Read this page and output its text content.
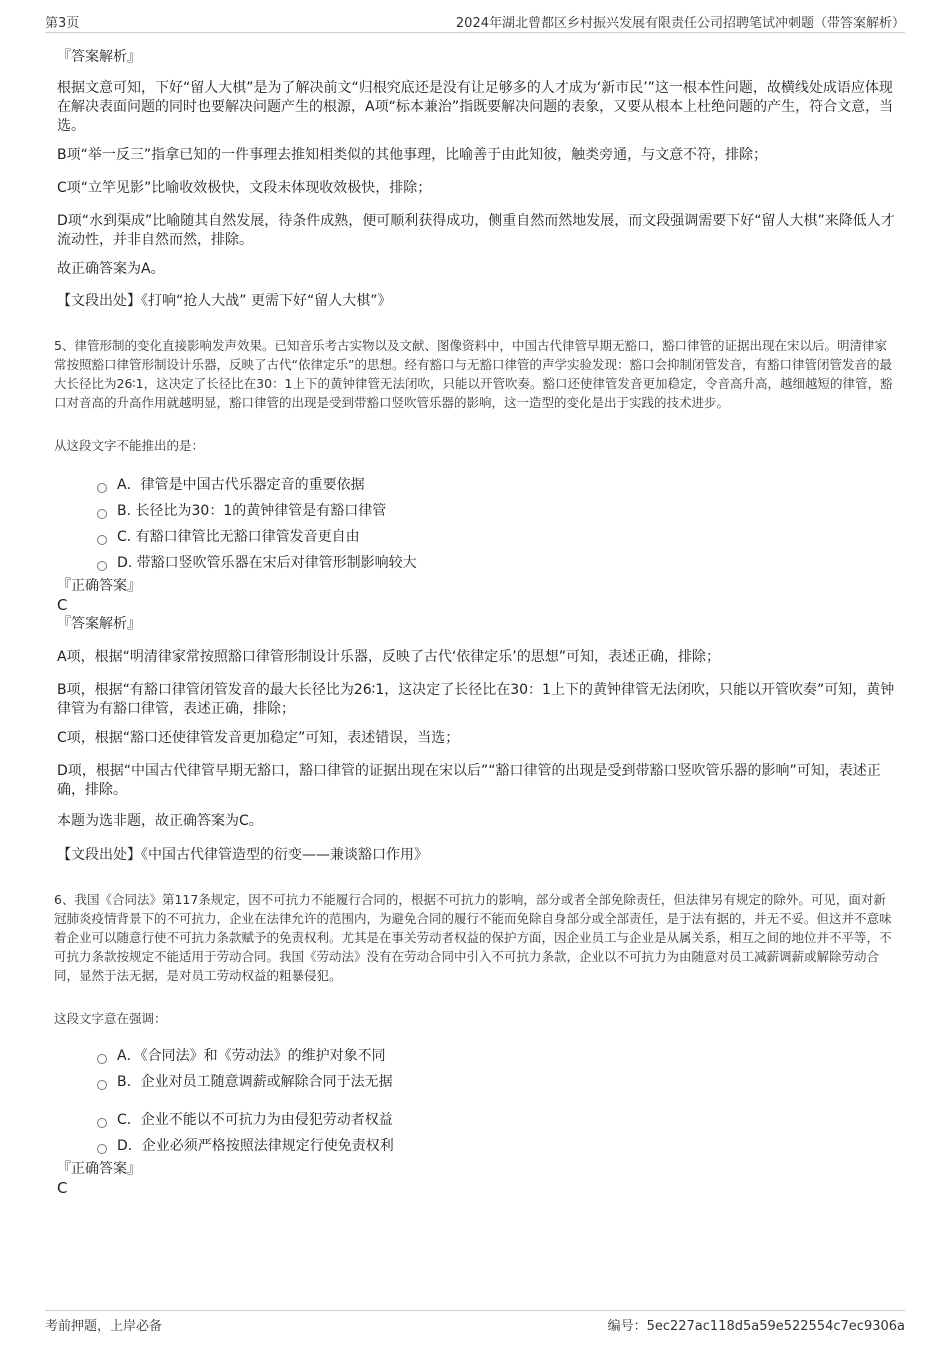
第3页	2024年湖北曾都区乡村振兴发展有限责任公司招聘笔试冲刺题（带答案解析）
『答案解析』

根据文意可知，下好“留人大棋”是为了解决前文“归根究底还是没有让足够多的人才成为‘新市民’”这一根本性问题，故横线处成语应体现在解决表面问题的同时也要解决问题产生的根源，A项“标本兼治”指既要解决问题的表象，又要从根本上杜绝问题的产生，符合文意，当选。

B项“举一反三”指拿已知的一件事理去推知相类似的其他事理，比喻善于由此知彼，触类旁通，与文意不符，排除；

C项“立竿见影”比喻收效极快，文段未体现收效极快，排除；

D项“水到渠成”比喻随其自然发展，待条件成熟，便可顺利获得成功，侧重自然而然地发展，而文段强调需要下好“留人大棋”来降低人才流动性，并非自然而然，排除。

故正确答案为A。

【文段出处】《打响“抢人大战” 更需下好“留人大棋”》

5、律管形制的变化直接影响发声效果。已知音乐考古实物以及文献、图像资料中，中国古代律管早期无豁口，豁口律管的证据出现在宋以后。明清律家常按照豁口律管形制设计乐器，反映了古代“依律定乐”的思想。经有豁口与无豁口律管的声学实验发现：豁口会抑制闭管发音，有豁口律管闭管发音的最大长径比为26∶1，这决定了长径比在30：1上下的黄钟律管无法闭吹，只能以开管吹奏。豁口还使律管发音更加稳定，令音高升高，越细越短的律管，豁口对音高的升高作用就越明显，豁口律管的出现是受到带豁口竖吹管乐器的影响，这一造型的变化是出于实践的技术进步。

从这段文字不能推出的是：
A．律管是中国古代乐器定音的重要依据
B. 长径比为30：1的黄钟律管是有豁口律管
C. 有豁口律管比无豁口律管发音更自由
D. 带豁口竖吹管乐器在宋后对律管形制影响较大
『正确答案』
C
『答案解析』

A项，根据“明清律家常按照豁口律管形制设计乐器，反映了古代‘依律定乐’的思想”可知，表述正确，排除；

B项，根据“有豁口律管闭管发音的最大长径比为26∶1，这决定了长径比在30：1上下的黄钟律管无法闭吹，只能以开管吹奏”可知，黄钟律管为有豁口律管，表述正确，排除；

C项，根据“豁口还使律管发音更加稳定”可知，表述错误，当选；

D项，根据“中国古代律管早期无豁口，豁口律管的证据出现在宋以后”“豁口律管的出现是受到带豁口竖吹管乐器的影响”可知，表述正确，排除。

本题为选非题，故正确答案为C。

【文段出处】《中国古代律管造型的衍变——兼谈豁口作用》

6、我国《合同法》第117条规定，因不可抗力不能履行合同的，根据不可抗力的影响，部分或者全部免除责任，但法律另有规定的除外。可见，面对新冠肺炎疫情背景下的不可抗力，企业在法律允许的范围内，为避免合同的履行不能而免除自身部分或全部责任，是于法有据的，并无不妥。但这并不意味着企业可以随意行使不可抗力条款赋予的免责权利。尤其是在事关劳动者权益的保护方面，因企业员工与企业是从属关系，相互之间的地位并不平等，不可抗力条款按规定不能适用于劳动合同。我国《劳动法》没有在劳动合同中引入不可抗力条款，企业以不可抗力为由随意对员工减薪调薪或解除劳动合同，显然于法无据，是对员工劳动权益的粗暴侵犯。

这段文字意在强调：
A．《合同法》和《劳动法》的维护对象不同
B．企业对员工随意调薪或解除合同于法无据
C．企业不能以不可抗力为由侵犯劳动者权益
D．企业必须严格按照法律规定行使免责权利
『正确答案』
C
考前押题，上岸必备	编号：5ec227ac118d5a59e522554c7ec9306a
